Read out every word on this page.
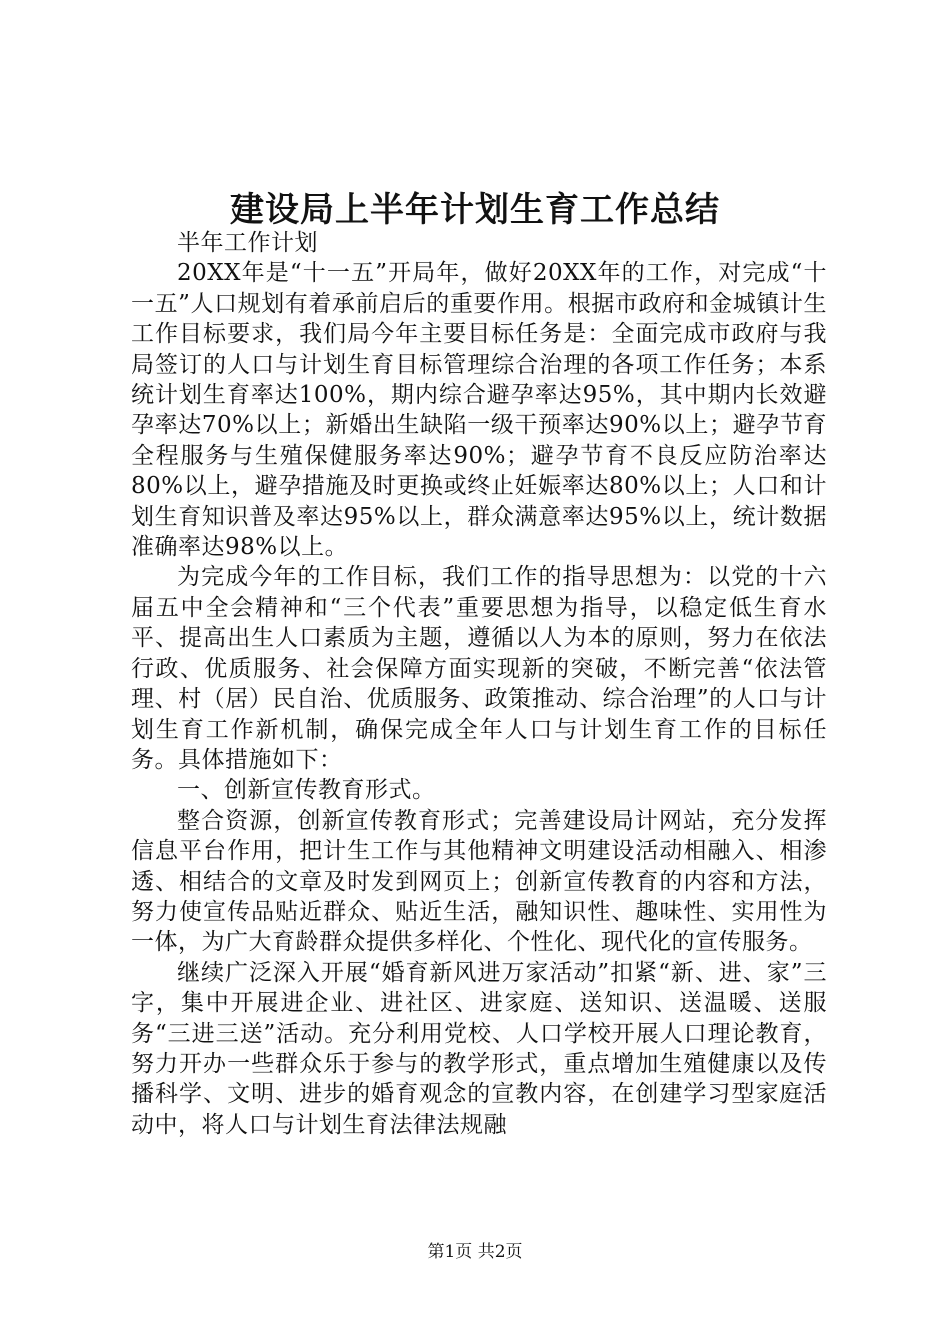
建设局上半年计划生育工作总结

半年工作计划

20XX年是“十一五”开局年，做好20XX年的工作，对完成“十一五”人口规划有着承前启后的重要作用。根据市政府和金城镇计生工作目标要求，我们局今年主要目标任务是：全面完成市政府与我局签订的人口与计划生育目标管理综合治理的各项工作任务；本系统计划生育率达100%，期内综合避孕率达95%，其中期内长效避孕率达70%以上；新婚出生缺陷一级干预率达90%以上；避孕节育全程服务与生殖保健服务率达90%；避孕节育不良反应防治率达80%以上，避孕措施及时更换或终止妊娠率达80%以上；人口和计划生育知识普及率达95%以上，群众满意率达95%以上，统计数据准确率达98%以上。

为完成今年的工作目标，我们工作的指导思想为：以党的十六届五中全会精神和“三个代表”重要思想为指导，以稳定低生育水平、提高出生人口素质为主题，遵循以人为本的原则，努力在依法行政、优质服务、社会保障方面实现新的突破，不断完善“依法管理、村（居）民自治、优质服务、政策推动、综合治理”的人口与计划生育工作新机制，确保完成全年人口与计划生育工作的目标任务。具体措施如下：

一、创新宣传教育形式。

整合资源，创新宣传教育形式；完善建设局计网站，充分发挥信息平台作用，把计生工作与其他精神文明建设活动相融入、相渗透、相结合的文章及时发到网页上；创新宣传教育的内容和方法，努力使宣传品贴近群众、贴近生活，融知识性、趣味性、实用性为一体，为广大育龄群众提供多样化、个性化、现代化的宣传服务。

继续广泛深入开展“婚育新风进万家活动”扣紧“新、进、家”三字，集中开展进企业、进社区、进家庭、送知识、送温暖、送服务“三进三送”活动。充分利用党校、人口学校开展人口理论教育，努力开办一些群众乐于参与的教学形式，重点增加生殖健康以及传播科学、文明、进步的婚育观念的宣教内容，在创建学习型家庭活动中，将人口与计划生育法律法规融

第1页 共2页
